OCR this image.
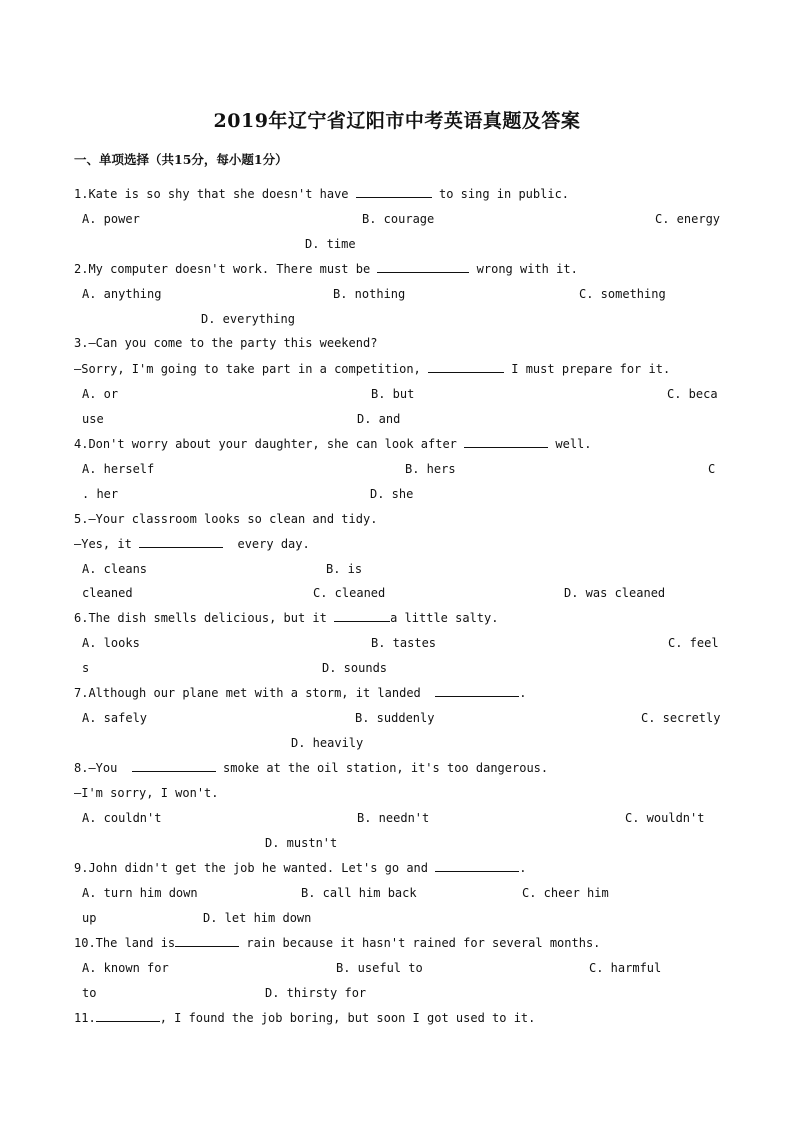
2019年辽宁省辽阳市中考英语真题及答案
一、单项选择（共15分，每小题1分）
1.Kate is so shy that she doesn't have	to sing in public.
A. power	B. courage	C. energy
D. time
2.My computer doesn't work. There must be	wrong with it.
A. anything	B. nothing	C. something
D. everything
3.—Can you come to the party this weekend?
—Sorry, I'm going to take part in a competition,	I must prepare for it.
A. or	B. but	C. beca
use	D. and
4.Don't worry about your daughter, she can look after	well.
A. herself	B. hers	C
. her	D. she
5.—Your classroom looks so clean and tidy.
—Yes, it	every day.
A. cleans	B. is
cleaned	C. cleaned	D. was cleaned
6.The dish smells delicious, but it	a little salty.
A. looks	B. tastes	C. feel
s	D. sounds
7.Although our plane met with a storm, it landed	.
A. safely	B. suddenly	C. secretly
D. heavily
8.—You	smoke at the oil station, it's too dangerous.
—I'm sorry, I won't.
A. couldn't	B. needn't	C. wouldn't
D. mustn't
9.John didn't get the job he wanted. Let's go and	.
A. turn him down	B. call him back	C. cheer him
up	D. let him down
10.The land is	rain because it hasn't rained for several months.
A. known for	B. useful to	C. harmful
to	D. thirsty for
11.	, I found the job boring, but soon I got used to it.
